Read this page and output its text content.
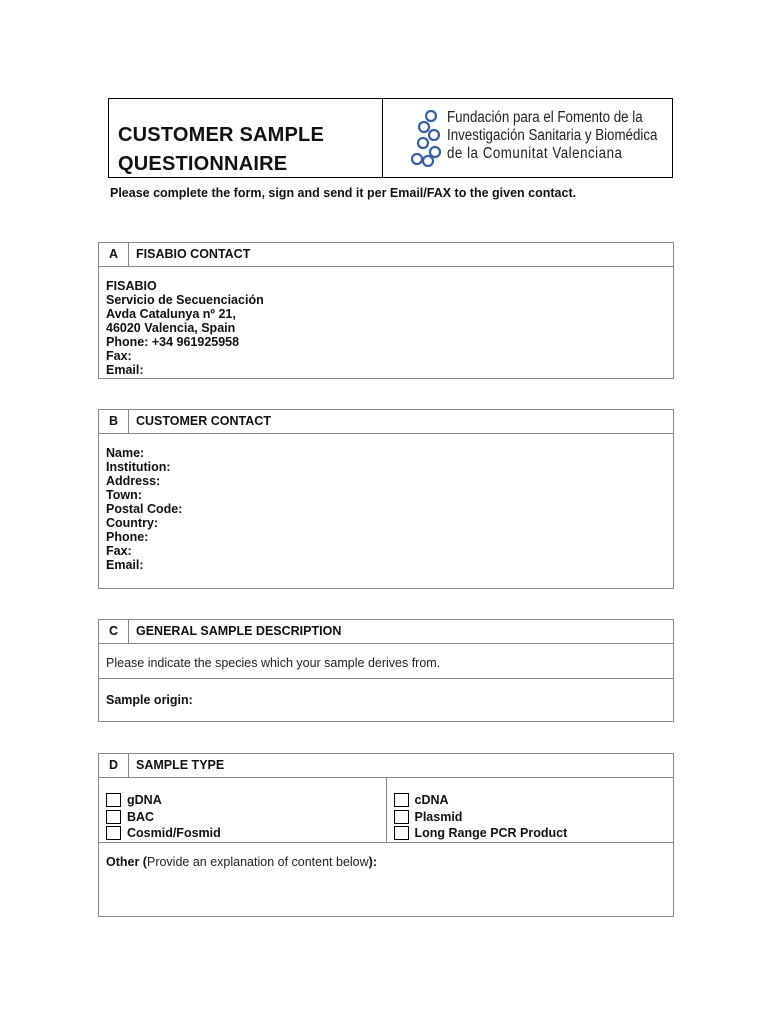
CUSTOMER SAMPLE
QUESTIONNAIRE
Fundación para el Fomento de la
Investigación Sanitaria y Biomédica
de la Comunitat Valenciana
Please complete the form, sign and send it per Email/FAX to the given contact.
A	FISABIO CONTACT
FISABIO
Servicio de Secuenciación
Avda Catalunya nº 21,
46020 Valencia, Spain
Phone: +34 961925958
Fax:
Email:
B	CUSTOMER CONTACT
Name:
Institution:
Address:
Town:
Postal Code:
Country:
Phone:
Fax:
Email:
C	GENERAL SAMPLE DESCRIPTION
Please indicate the species which your sample derives from.
Sample origin:
D	SAMPLE TYPE
gDNA
BAC
Cosmid/Fosmid
cDNA
Plasmid
Long Range PCR Product
Other (Provide an explanation of content below):
